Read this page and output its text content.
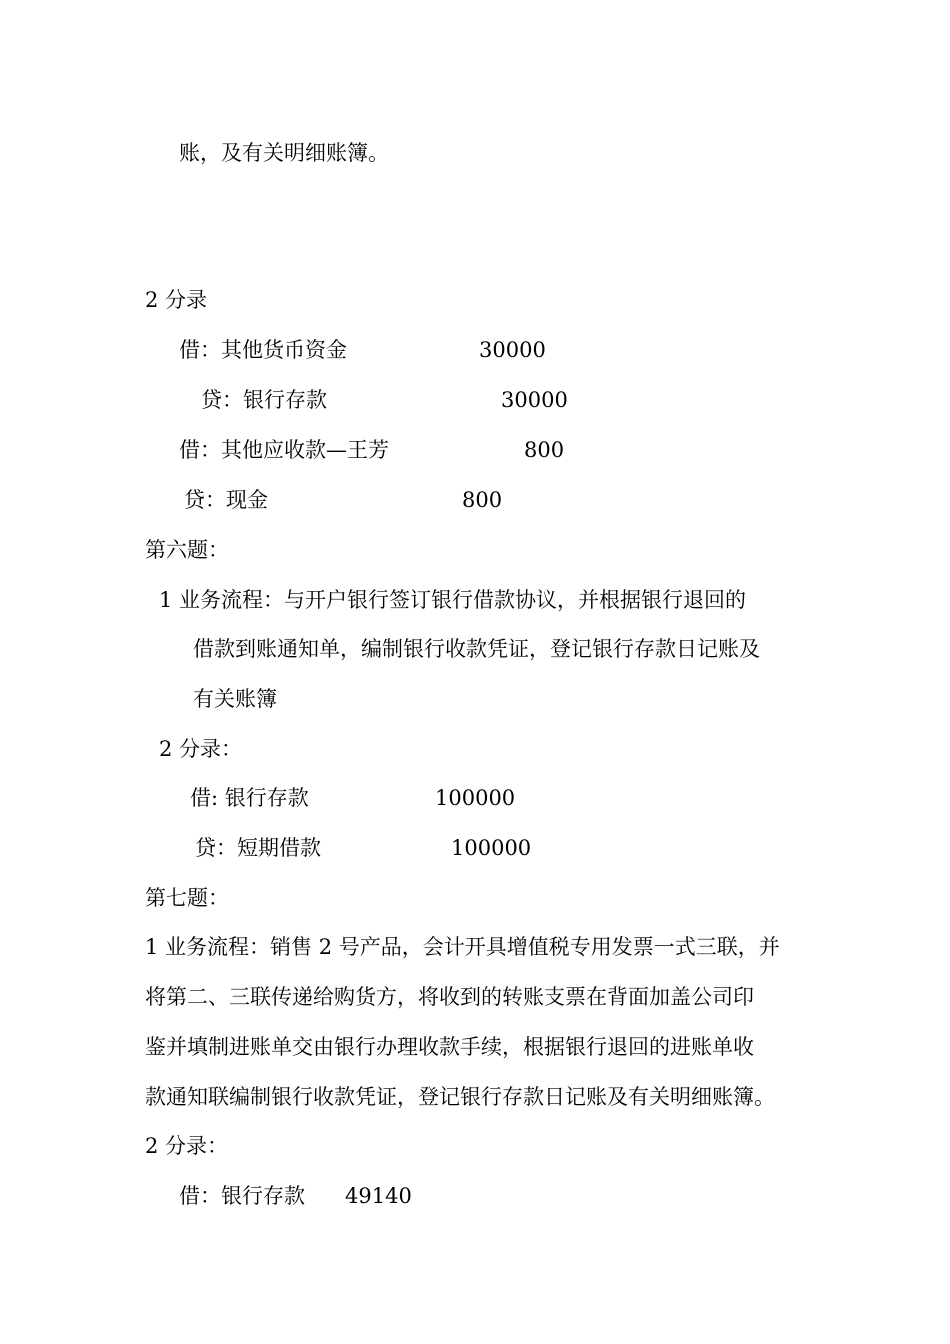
账，及有关明细账簿。
2 分录
借：其他货币资金	30000
贷：银行存款	30000
借：其他应收款—王芳	800
贷：现金	800
第六题：
1 业务流程：与开户银行签订银行借款协议，并根据银行退回的
借款到账通知单，编制银行收款凭证，登记银行存款日记账及
有关账簿
2 分录：
借: 银行存款	100000
贷：短期借款	100000
第七题：
1 业务流程：销售 2 号产品，会计开具增值税专用发票一式三联，并
将第二、三联传递给购货方，将收到的转账支票在背面加盖公司印
鉴并填制进账单交由银行办理收款手续，根据银行退回的进账单收
款通知联编制银行收款凭证，登记银行存款日记账及有关明细账簿。
2 分录：
借：银行存款 49140
